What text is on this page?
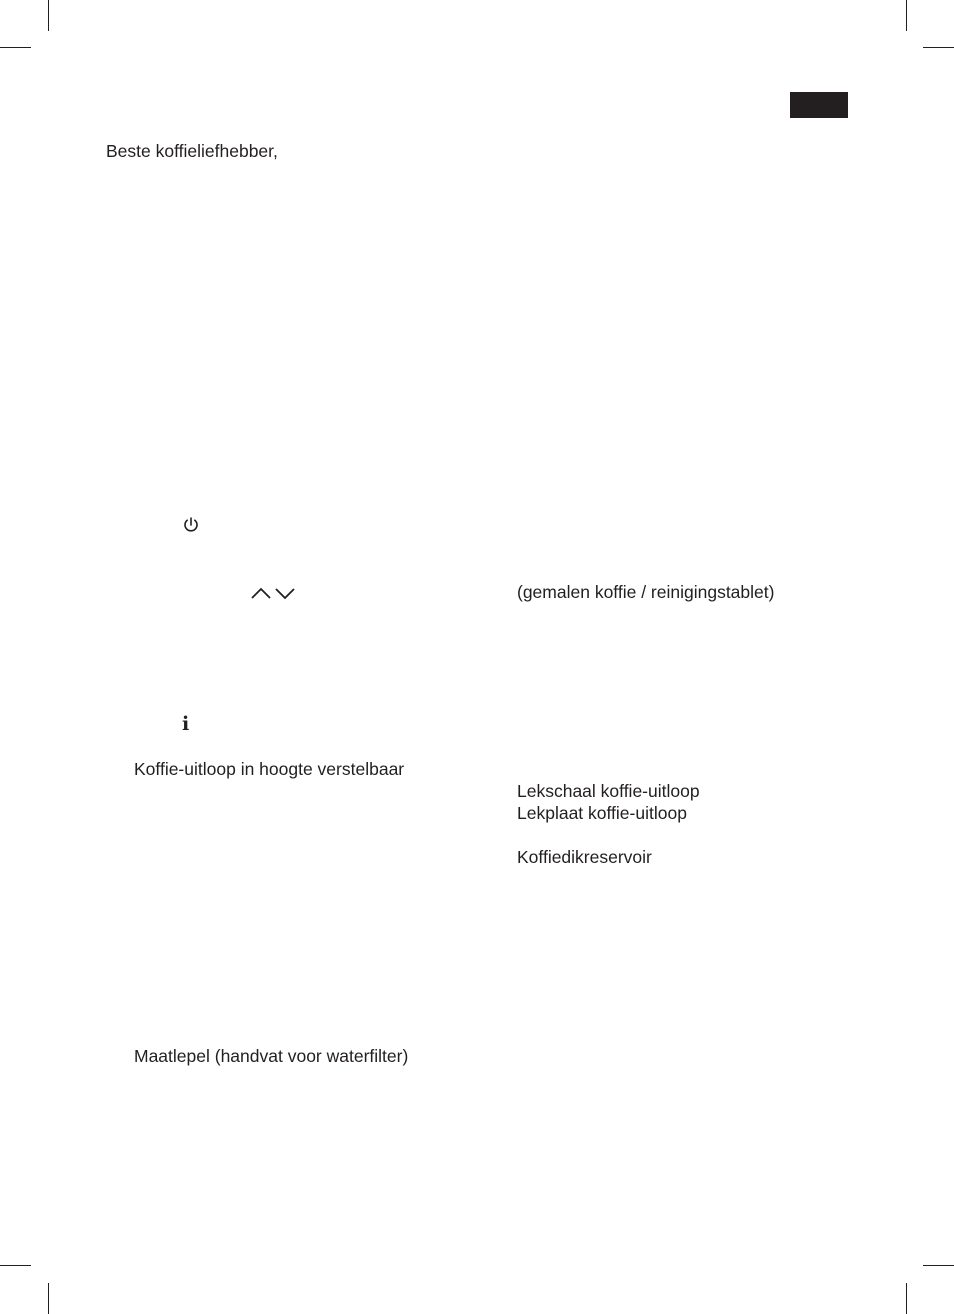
Beste koffieliefhebber,
i
Koffie-uitloop in hoogte verstelbaar
Maatlepel (handvat voor waterfilter)
(gemalen koffie / reinigingstablet)
Lekschaal koffie-uitloop
Lekplaat koffie-uitloop
Koffiedikreservoir
